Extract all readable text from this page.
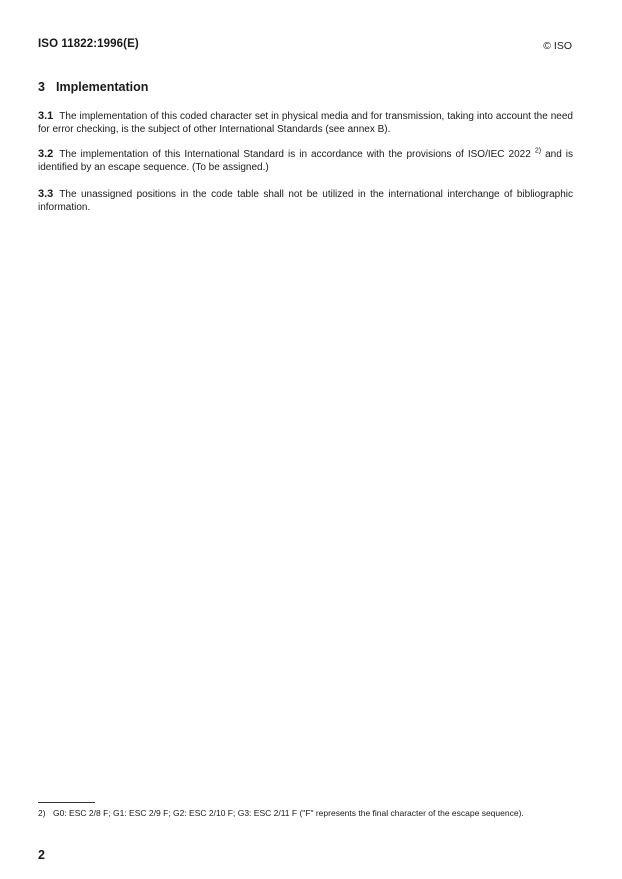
ISO 11822:1996(E)	© ISO
3 Implementation
3.1 The implementation of this coded character set in physical media and for transmission, taking into account the need for error checking, is the subject of other International Standards (see annex B).
3.2 The implementation of this International Standard is in accordance with the provisions of ISO/IEC 2022 $^{2)}$ and is identified by an escape sequence. (To be assigned.)
3.3 The unassigned positions in the code table shall not be utilized in the international interchange of bibliographic information.
2) G0: ESC 2/8 F; G1: ESC 2/9 F; G2: ESC 2/10 F; G3: ESC 2/11 F ("F" represents the final character of the escape sequence).
2
